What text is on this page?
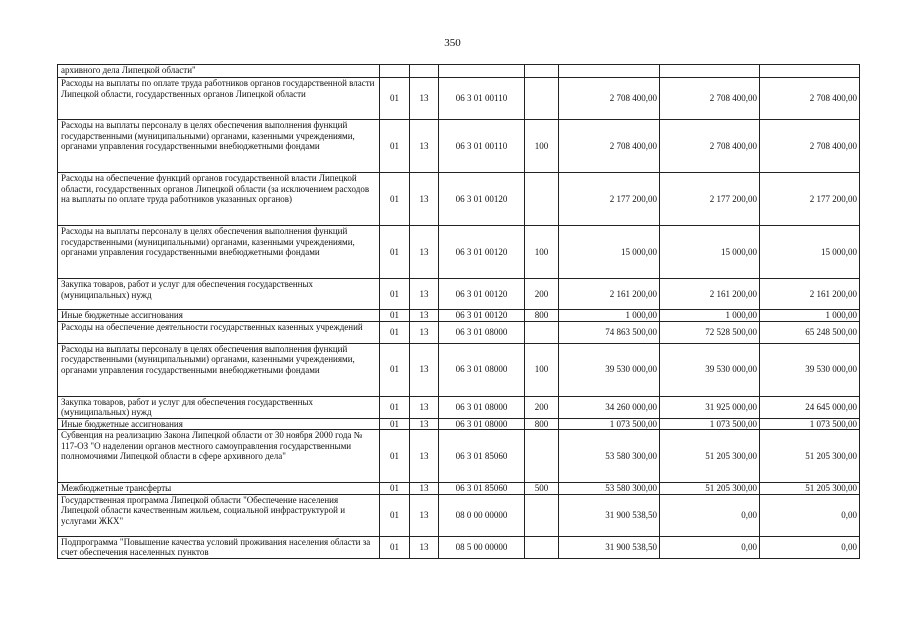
350
архивного дела Липецкой области"							
Расходы на выплаты по оплате труда работников органов государственной власти Липецкой области, государственных органов Липецкой области	01	13	06 3 01 00110		2 708 400,00	2 708 400,00	2 708 400,00
Расходы на выплаты персоналу в целях обеспечения выполнения функций государственными (муниципальными) органами, казенными учреждениями, органами управления государственными внебюджетными фондами	01	13	06 3 01 00110	100	2 708 400,00	2 708 400,00	2 708 400,00
Расходы на обеспечение функций органов государственной власти Липецкой области, государственных органов Липецкой области (за исключением расходов на выплаты по оплате труда работников указанных органов)	01	13	06 3 01 00120		2 177 200,00	2 177 200,00	2 177 200,00
Расходы на выплаты персоналу в целях обеспечения выполнения функций государственными (муниципальными) органами, казенными учреждениями, органами управления государственными внебюджетными фондами	01	13	06 3 01 00120	100	15 000,00	15 000,00	15 000,00
Закупка товаров, работ и услуг для обеспечения государственных (муниципальных) нужд	01	13	06 3 01 00120	200	2 161 200,00	2 161 200,00	2 161 200,00
Иные бюджетные ассигнования	01	13	06 3 01 00120	800	1 000,00	1 000,00	1 000,00
Расходы на обеспечение деятельности государственных казенных учреждений	01	13	06 3 01 08000		74 863 500,00	72 528 500,00	65 248 500,00
Расходы на выплаты персоналу в целях обеспечения выполнения функций государственными (муниципальными) органами, казенными учреждениями, органами управления государственными внебюджетными фондами	01	13	06 3 01 08000	100	39 530 000,00	39 530 000,00	39 530 000,00
Закупка товаров, работ и услуг для обеспечения государственных (муниципальных) нужд	01	13	06 3 01 08000	200	34 260 000,00	31 925 000,00	24 645 000,00
Иные бюджетные ассигнования	01	13	06 3 01 08000	800	1 073 500,00	1 073 500,00	1 073 500,00
Субвенция на реализацию Закона Липецкой области от 30 ноября 2000 года № 117-ОЗ "О наделении органов местного самоуправления государственными полномочиями Липецкой области в сфере архивного дела"	01	13	06 3 01 85060		53 580 300,00	51 205 300,00	51 205 300,00
Межбюджетные трансферты	01	13	06 3 01 85060	500	53 580 300,00	51 205 300,00	51 205 300,00
Государственная программа Липецкой области "Обеспечение населения Липецкой области качественным жильем, социальной инфраструктурой и услугами ЖКХ"	01	13	08 0 00 00000		31 900 538,50	0,00	0,00
Подпрограмма "Повышение качества условий проживания населения области за счет обеспечения населенных пунктов	01	13	08 5 00 00000		31 900 538,50	0,00	0,00
